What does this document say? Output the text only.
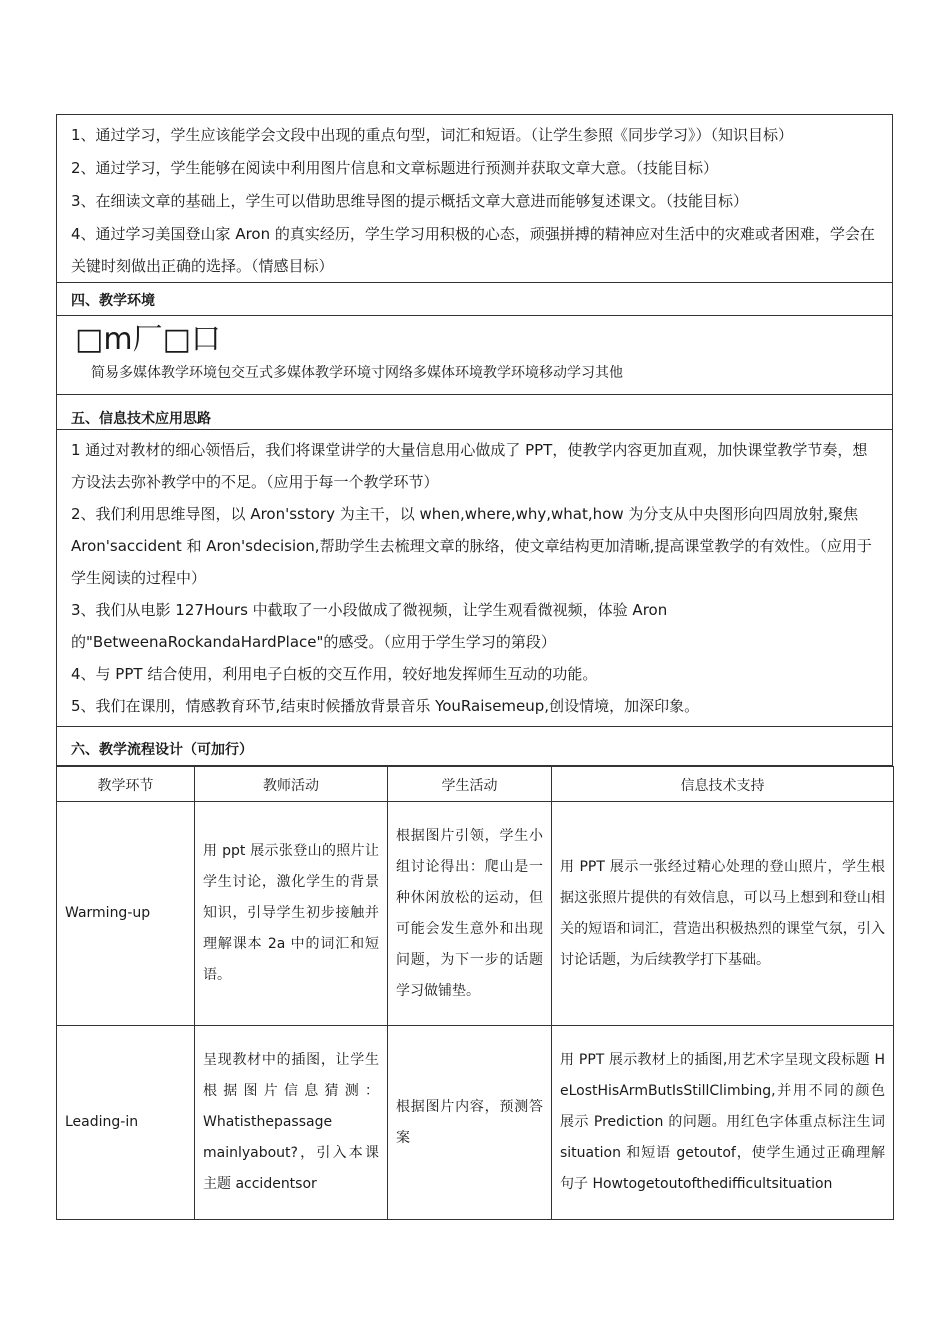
1、通过学习，学生应该能学会文段中出现的重点句型，词汇和短语。（让学生参照《同步学习》）（知识目标）
2、通过学习，学生能够在阅读中利用图片信息和文章标题进行预测并获取文章大意。（技能目标）
3、在细读文章的基础上，学生可以借助思维导图的提示概括文章大意进而能够复述课文。（技能目标）
4、通过学习美国登山家 Aron 的真实经历，学生学习用积极的心态，顽强拼搏的精神应对生活中的灾难或者困难，学会在关键时刻做出正确的选择。（情感目标）
四、教学环境
□m厂□口
简易多媒体教学环境包交互式多媒体教学环境寸网络多媒体环境教学环境移动学习其他
五、信息技术应用思路
1 通过对教材的细心领悟后，我们将课堂讲学的大量信息用心做成了 PPT，使教学内容更加直观，加快课堂教学节奏，想方设法去弥补教学中的不足。（应用于每一个教学环节）
2、我们利用思维导图，以 Aron'sstory 为主干，以 when,where,why,what,how 为分支从中央图形向四周放射,聚焦 Aron'saccident 和 Aron'sdecision,帮助学生去梳理文章的脉络，使文章结构更加清晰,提高课堂教学的有效性。（应用于学生阅读的过程中）
3、我们从电影 127Hours 中截取了一小段做成了微视频，让学生观看微视频，体验 Aron 的"BetweenaRockandaHardPlace"的感受。（应用于学生学习的第段）
4、与 PPT 结合使用，利用电子白板的交互作用，较好地发挥师生互动的功能。
5、我们在课刖，情感教育环节,结束时候播放背景音乐 YouRaisemeup,创设情境，加深印象。
六、教学流程设计（可加行）
教学环节	教师活动	学生活动	信息技术支持
Warming-up	用 ppt 展示张登山的照片让学生讨论，激化学生的背景知识，引导学生初步接触并理解课本 2a 中的词汇和短语。	根据图片引领，学生小组讨论得出：爬山是一种休闲放松的运动，但可能会发生意外和出现问题，为下一步的话题学习做铺垫。	用 PPT 展示一张经过精心处理的登山照片，学生根据这张照片提供的有效信息，可以马上想到和登山相关的短语和词汇，营造出积极热烈的课堂气氛，引入讨论话题，为后续教学打下基础。
Leading-in	呈现教材中的插图，让学生根据图片信息猜测：Whatisthepassage mainlyabout?，引入本课主题 accidentsor	根据图片内容，预测答案	用 PPT 展示教材上的插图,用艺术字呈现文段标题 HeLostHisArmButIsStillClimbing,并用不同的颜色展示 Prediction 的问题。用红色字体重点标注生词 situation 和短语 getoutof，使学生通过正确理解句子 Howtogetoutofthedifficultsituation
